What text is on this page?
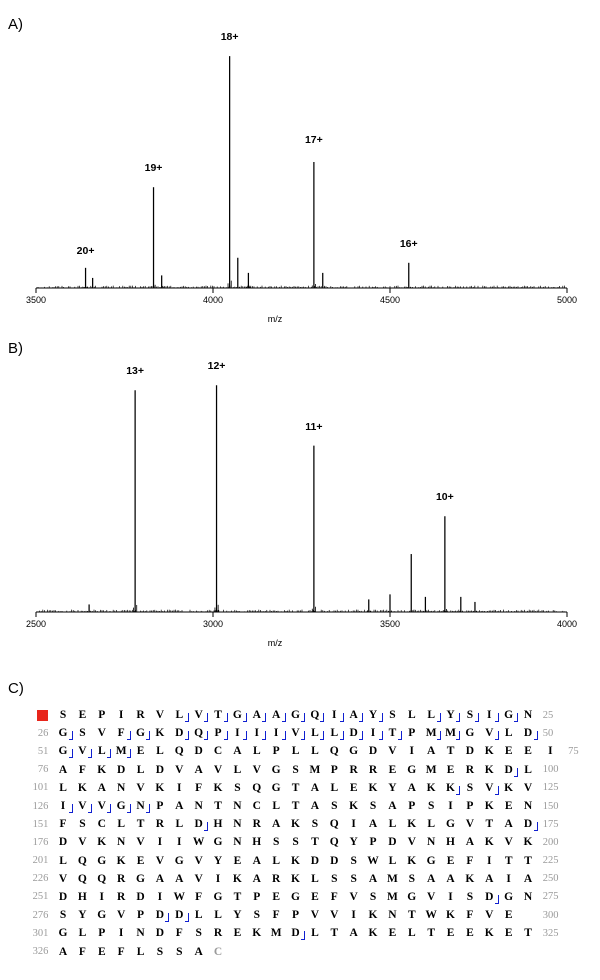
A)
3500	4000	4500	5000
m/z
20+
19+
18+
17+
16+
B)
2500	3000	3500	4000
m/z
13+	12+
11+
10+
C)
	S	E	P	I	R	V	L	V	T	G	A	A	G	Q	I	A	Y	S	L	L	Y	S	I	G	N	25	
26	G	S	V	F	G	K	D	Q	P	I	I	I	V	L	L	D	I	T	P	M	M	G	V	L	D	50	
51	G	V	L	M	E	L	Q	D	C	A	L	P	L	L	Q	G	D	V	I	A	T	D	K	E	E	I	75
76	A	F	K	D	L	D	V	A	V	L	V	G	S	M	P	R	R	E	G	M	E	R	K	D	L	100	
101	L	K	A	N	V	K	I	F	K	S	Q	G	T	A	L	E	K	Y	A	K	K	S	V	K	V	125	
126	I	V	V	G	N	P	A	N	T	N	C	L	T	A	S	K	S	A	P	S	I	P	K	E	N	150	
151	F	S	C	L	T	R	L	D	H	N	R	A	K	S	Q	I	A	L	K	L	G	V	T	A	D	175	
176	D	V	K	N	V	I	I	W	G	N	H	S	S	T	Q	Y	P	D	V	N	H	A	K	V	K	200	
201	L	Q	G	K	E	V	G	V	Y	E	A	L	K	D	D	S	W	L	K	G	E	F	I	T	T	225	
226	V	Q	Q	R	G	A	A	V	I	K	A	R	K	L	S	S	A	M	S	A	A	K	A	I	A	250	
251	D	H	I	R	D	I	W	F	G	T	P	E	G	E	F	V	S	M	G	V	I	S	D	G	N	275	
276	S	Y	G	V	P	D	D	L	L	Y	S	F	P	V	V	I	K	N	T	W	K	F	V	E		300	
301	G	L	P	I	N	D	F	S	R	E	K	M	D	L	T	A	K	E	L	T	E	E	K	E	T	325	
326	A	F	E	F	L	S	S	A	C																		
